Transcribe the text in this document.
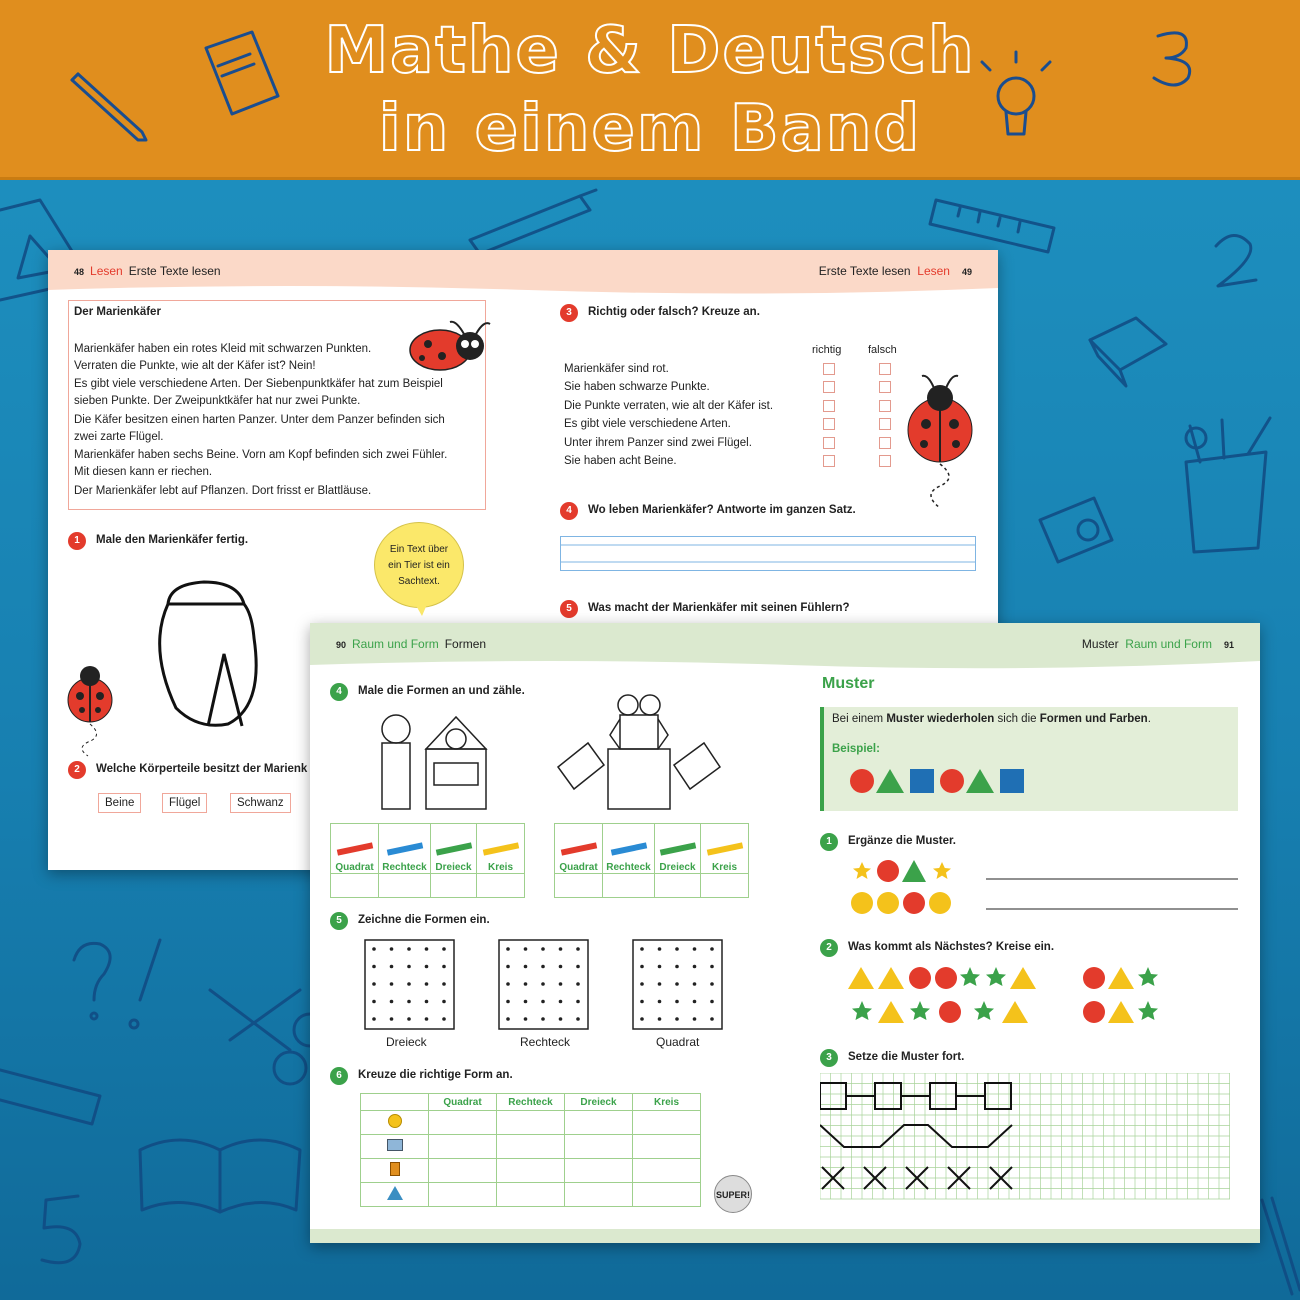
Mathe & Deutsch
in einem Band
48 Lesen Erste Texte lesen	Erste Texte lesen Lesen 49
Der Marienkäfer
Marienkäfer haben ein rotes Kleid mit schwarzen Punkten.
Verraten die Punkte, wie alt der Käfer ist? Nein!
Es gibt viele verschiedene Arten. Der Siebenpunktkäfer hat zum Beispiel
sieben Punkte. Der Zweipunktkäfer hat nur zwei Punkte.
Die Käfer besitzen einen harten Panzer. Unter dem Panzer befinden sich
zwei zarte Flügel.
Marienkäfer haben sechs Beine. Vorn am Kopf befinden sich zwei Fühler.
Mit diesen kann er riechen.
Der Marienkäfer lebt auf Pflanzen. Dort frisst er Blattläuse.
1 Male den Marienkäfer fertig.
Ein Text über ein Tier ist ein Sachtext.
2 Welche Körperteile besitzt der Marienk
Beine	Flügel	Schwanz
3 Richtig oder falsch? Kreuze an.
richtig falsch
Marienkäfer sind rot.
Sie haben schwarze Punkte.
Die Punkte verraten, wie alt der Käfer ist.
Es gibt viele verschiedene Arten.
Unter ihrem Panzer sind zwei Flügel.
Sie haben acht Beine.
4 Wo leben Marienkäfer? Antworte im ganzen Satz.
5 Was macht der Marienkäfer mit seinen Fühlern?
90 Raum und Form Formen	Muster Raum und Form 91
4 Male die Formen an und zähle.
Quadrat	Rechteck	Dreieck	Kreis
				Quadrat	Rechteck	Dreieck	Kreis

5 Zeichne die Formen ein.
Dreieck	Rechteck	Quadrat
6 Kreuze die richtige Form an.
	Quadrat	Rechteck	Dreieck	Kreis

SUPER!
Muster
Bei einem Muster wiederholen sich die Formen und Farben.
Beispiel:
1 Ergänze die Muster.
2 Was kommt als Nächstes? Kreise ein.
3 Setze die Muster fort.
